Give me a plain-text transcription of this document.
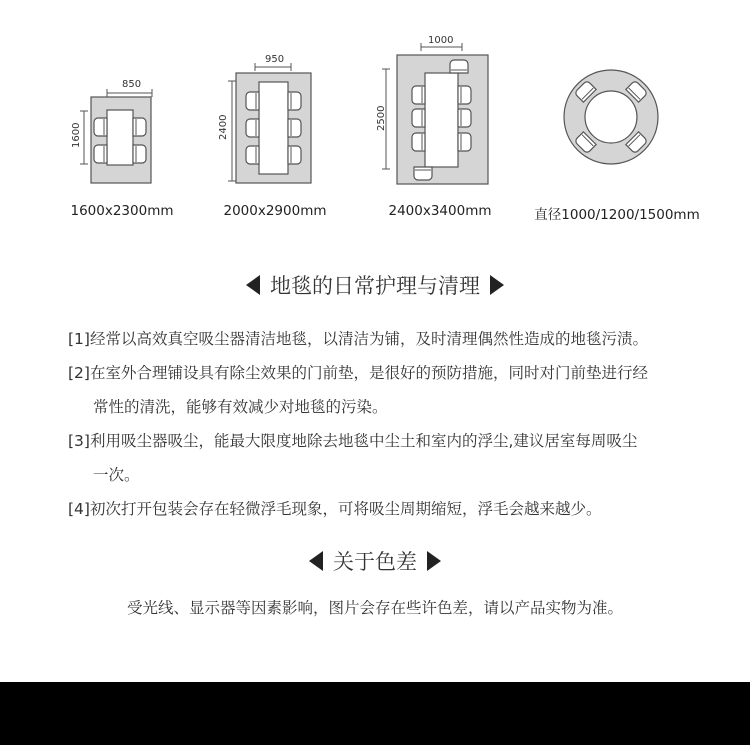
850
1600
950
2400
1000
2500
1600x2300mm	2000x2900mm	2400x3400mm	直径1000/1200/1500mm
地毯的日常护理与清理
[1]经常以高效真空吸尘器清洁地毯，以清洁为铺，及时清理偶然性造成的地毯污渍。
[2]在室外合理铺设具有除尘效果的门前垫，是很好的预防措施，同时对门前垫进行经
常性的清洗，能够有效减少对地毯的污染。
[3]利用吸尘器吸尘，能最大限度地除去地毯中尘土和室内的浮尘,建议居室每周吸尘
一次。
[4]初次打开包装会存在轻微浮毛现象，可将吸尘周期缩短，浮毛会越来越少。
关于色差
受光线、显示器等因素影响，图片会存在些许色差，请以产品实物为准。
